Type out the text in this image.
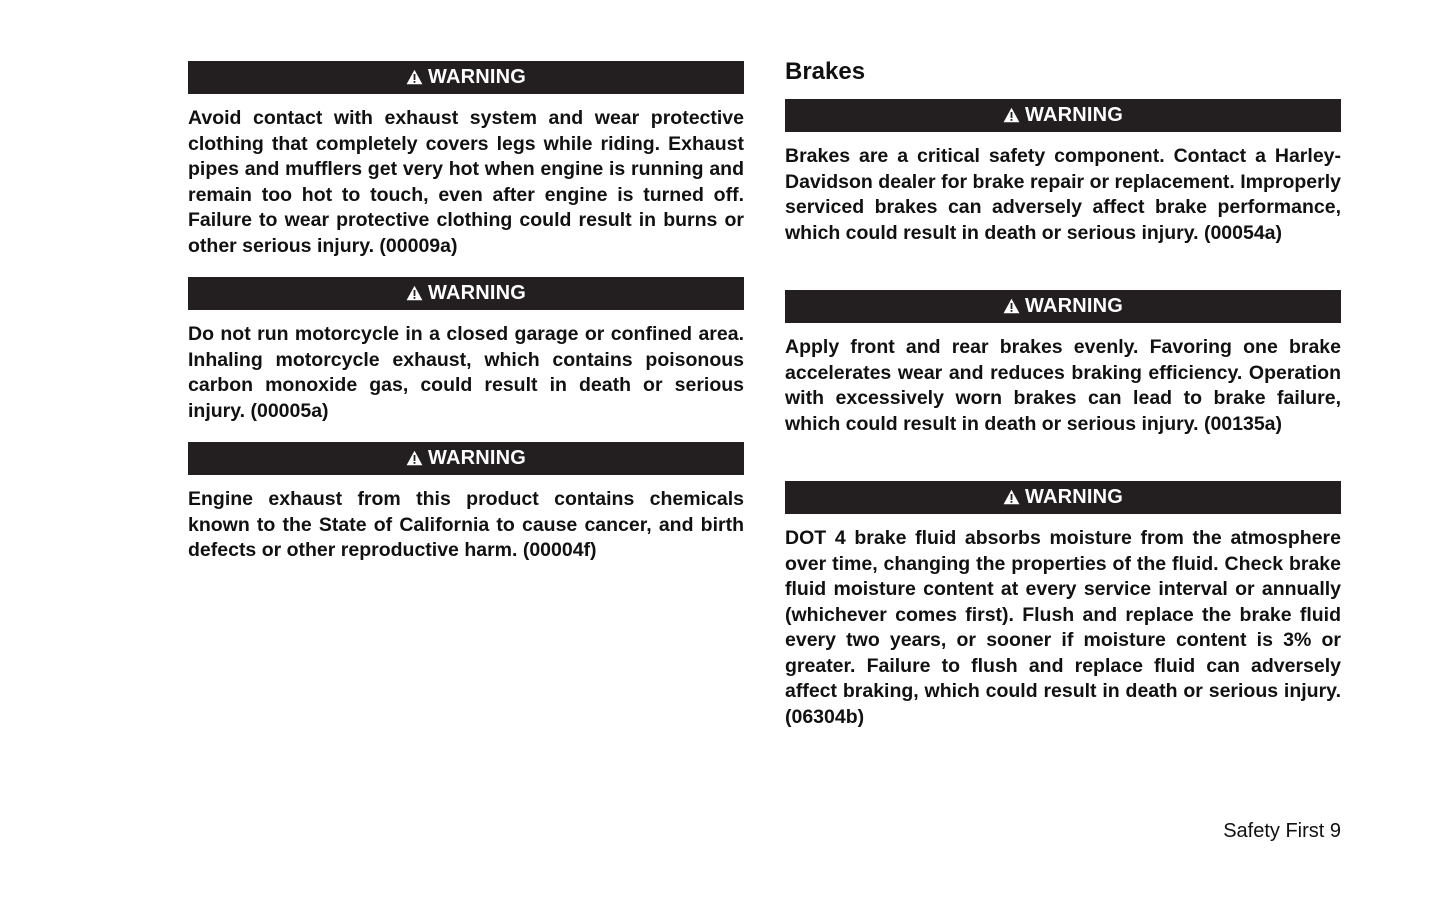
WARNING

Avoid contact with exhaust system and wear protective clothing that completely covers legs while riding. Exhaust pipes and mufflers get very hot when engine is running and remain too hot to touch, even after engine is turned off. Failure to wear protective clothing could result in burns or other serious injury. (00009a)

WARNING

Do not run motorcycle in a closed garage or confined area. Inhaling motorcycle exhaust, which contains poisonous carbon monoxide gas, could result in death or serious injury. (00005a)

WARNING

Engine exhaust from this product contains chemicals known to the State of California to cause cancer, and birth defects or other reproductive harm. (00004f)

Brakes
WARNING

Brakes are a critical safety component. Contact a Harley-Davidson dealer for brake repair or replacement. Improperly serviced brakes can adversely affect brake performance, which could result in death or serious injury. (00054a)

WARNING

Apply front and rear brakes evenly. Favoring one brake accelerates wear and reduces braking efficiency. Operation with excessively worn brakes can lead to brake failure, which could result in death or serious injury. (00135a)

WARNING

DOT 4 brake fluid absorbs moisture from the atmosphere over time, changing the properties of the fluid. Check brake fluid moisture content at every service interval or annually (whichever comes first). Flush and replace the brake fluid every two years, or sooner if moisture content is 3% or greater. Failure to flush and replace fluid can adversely affect braking, which could result in death or serious injury. (06304b)

Safety First 9
